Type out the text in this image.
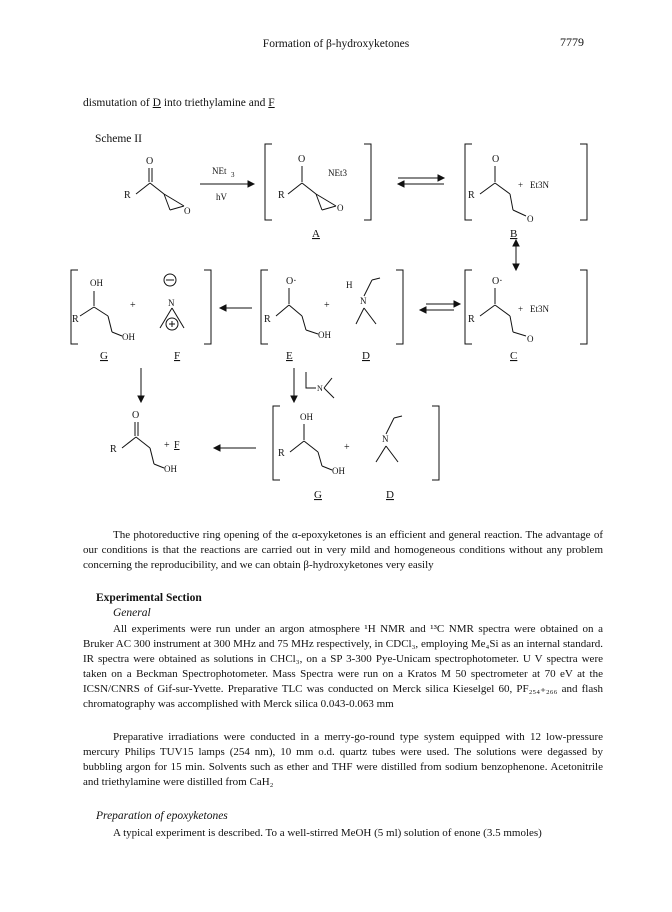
Formation of β-hydroxyketones	7779
dismutation of D into triethylamine and F
Scheme II
O
R
O
NEt 3
hV
O
R
O
NEt3
A
O
R
O
Et3N
+
B
OH
R
OH
+	N
G	F
O·
R
OH
+
H
N
E	D
O·
R
O
Et3N
+
C
N
O
R
OH
+ F
OH
R
OH
+
N
G	D
The photoreductive ring opening of the α-epoxyketones is an efficient and general reaction. The advantage of our conditions is that the reactions are carried out in very mild and homogeneous conditions without any problem concerning the reproducibility, and we can obtain β-hydroxyketones very easily
Experimental Section
General
All experiments were run under an argon atmosphere ¹H NMR and ¹³C NMR spectra were obtained on a Bruker AC 300 instrument at 300 MHz and 75 MHz respectively, in CDCl₃, employing Me₄Si as an internal standard. IR spectra were obtained as solutions in CHCl₃, on a SP 3-300 Pye-Unicam spectrophotometer. U V spectra were taken on a Beckman Spectrophotometer. Mass Spectra were run on a Kratos M 50 spectrometer at 70 eV at the ICSN/CNRS of Gif-sur-Yvette. Preparative TLC was conducted on Merck silica Kieselgel 60, PF₂₅₄₊₂₆₆ and flash chromatography was accomplished with Merck silica 0.043-0.063 mm
Preparative irradiations were conducted in a merry-go-round type system equipped with 12 low-pressure mercury Philips TUV15 lamps (254 nm), 10 mm o.d. quartz tubes were used. The solutions were degassed by bubbling argon for 15 min. Solvents such as ether and THF were distilled from sodium benzophenone. Acetonitrile and triethylamine were distilled from CaH₂
Preparation of epoxyketones
A typical experiment is described. To a well-stirred MeOH (5 ml) solution of enone (3.5 mmoles)
